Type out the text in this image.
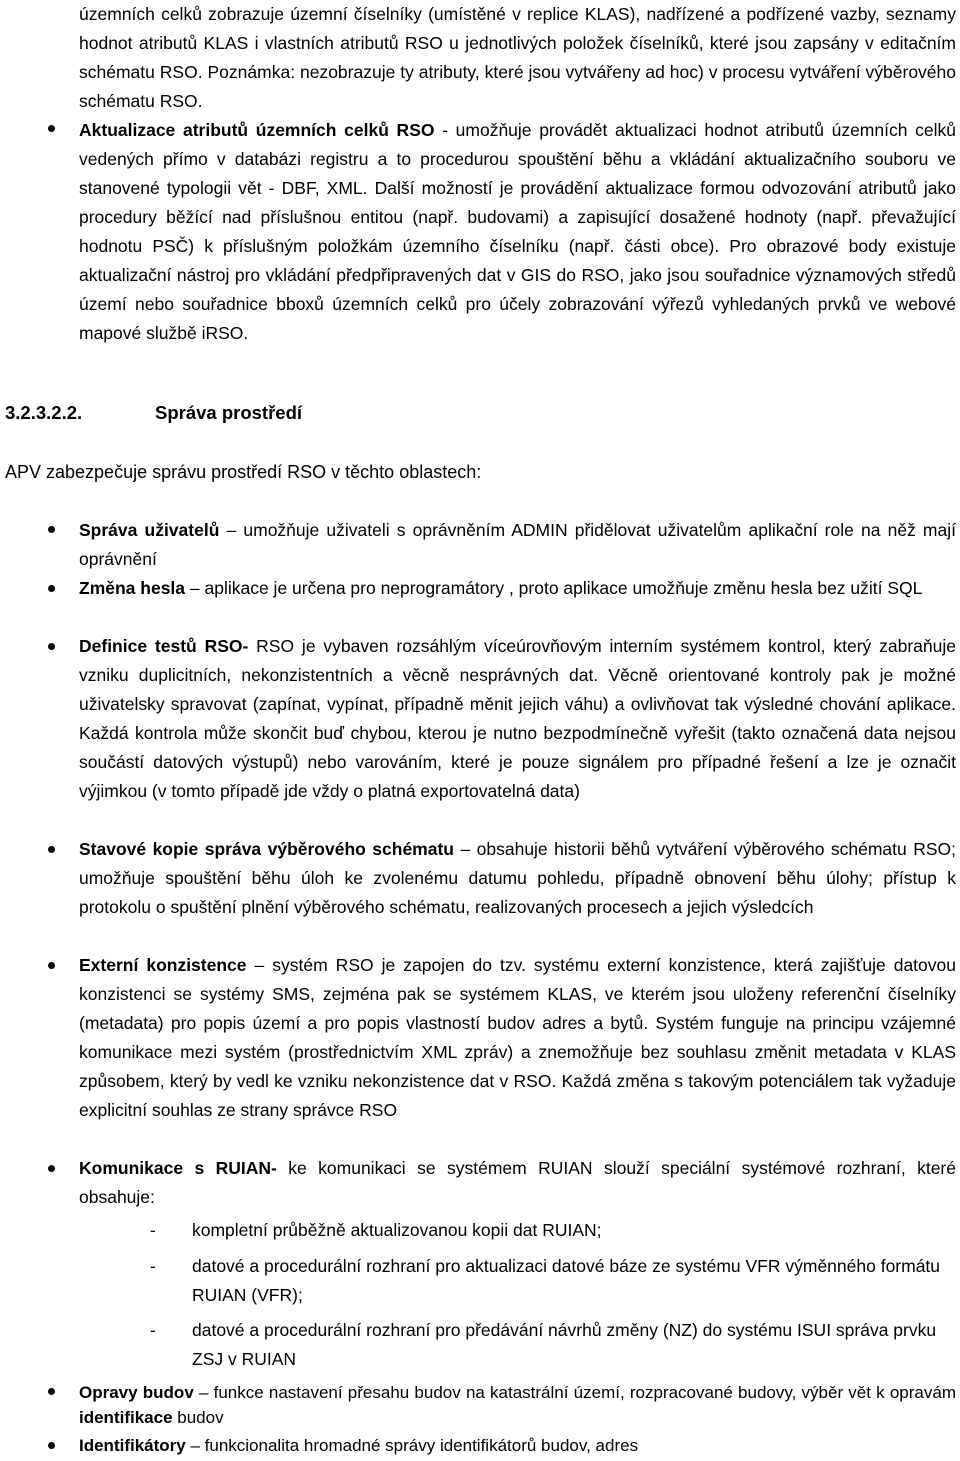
územních celků zobrazuje územní číselníky (umístěné v replice KLAS), nadřízené a podřízené vazby, seznamy hodnot atributů KLAS i vlastních atributů RSO u jednotlivých položek číselníků, které jsou zapsány v editačním schématu RSO. Poznámka: nezobrazuje ty atributy, které jsou vytvářeny ad hoc) v procesu vytváření výběrového schématu RSO.
Aktualizace atributů územních celků RSO - umožňuje provádět aktualizaci hodnot atributů územních celků vedených přímo v databázi registru a to procedurou spouštění běhu a vkládání aktualizačního souboru ve stanovené typologii vět - DBF, XML. Další možností je provádění aktualizace formou odvozování atributů jako procedury běžící nad příslušnou entitou (např. budovami) a zapisující dosažené hodnoty (např. převažující hodnotu PSČ) k příslušným položkám územního číselníku (např. části obce). Pro obrazové body existuje aktualizační nástroj pro vkládání předpřipravených dat v GIS do RSO, jako jsou souřadnice významových středů území nebo souřadnice bboxů územních celků pro účely zobrazování výřezů vyhledaných prvků ve webové mapové službě iRSO.
3.2.3.2.2.	Správa prostředí
APV zabezpečuje správu prostředí RSO v těchto oblastech:
Správa uživatelů – umožňuje uživateli s oprávněním ADMIN přidělovat uživatelům aplikační role na něž mají oprávnění
Změna hesla – aplikace je určena pro neprogramátory , proto aplikace umožňuje změnu hesla bez užití SQL
Definice testů RSO- RSO je vybaven rozsáhlým víceúrovňovým interním systémem kontrol, který zabraňuje vzniku duplicitních, nekonzistentních a věcně nesprávných dat. Věcně orientované kontroly pak je možné uživatelsky spravovat (zapínat, vypínat, případně měnit jejich váhu) a ovlivňovat tak výsledné chování aplikace. Každá kontrola může skončit buď chybou, kterou je nutno bezpodmínečně vyřešit (takto označená data nejsou součástí datových výstupů) nebo varováním, které je pouze signálem pro případné řešení a lze je označit výjimkou (v tomto případě jde vždy o platná exportovatelná data)
Stavové kopie správa výběrového schématu – obsahuje historii běhů vytváření výběrového schématu RSO; umožňuje spouštění běhu úloh ke zvolenému datumu pohledu, případně obnovení běhu úlohy; přístup k protokolu o spuštění plnění výběrového schématu, realizovaných procesech a jejich výsledcích
Externí konzistence – systém RSO je zapojen do tzv. systému externí konzistence, která zajišťuje datovou konzistenci se systémy SMS, zejména pak se systémem KLAS, ve kterém jsou uloženy referenční číselníky (metadata) pro popis území a pro popis vlastností budov adres a bytů. Systém funguje na principu vzájemné komunikace mezi systém (prostřednictvím XML zpráv) a znemožňuje bez souhlasu změnit metadata v KLAS způsobem, který by vedl ke vzniku nekonzistence dat v RSO. Každá změna s takovým potenciálem tak vyžaduje explicitní souhlas ze strany správce RSO
Komunikace s RUIAN- ke komunikaci se systémem RUIAN slouží speciální systémové rozhraní, které obsahuje:
- kompletní průběžně aktualizovanou kopii dat RUIAN;
- datové a procedurální rozhraní pro aktualizaci datové báze ze systému VFR výměnného formátu RUIAN (VFR);
- datové a procedurální rozhraní pro předávání návrhů změny (NZ) do systému ISUI správa prvku ZSJ v RUIAN
Opravy budov – funkce nastavení přesahu budov na katastrální území, rozpracované budovy, výběr vět k opravám identifikace budov
Identifikátory – funkcionalita hromadné správy identifikátorů budov, adres
